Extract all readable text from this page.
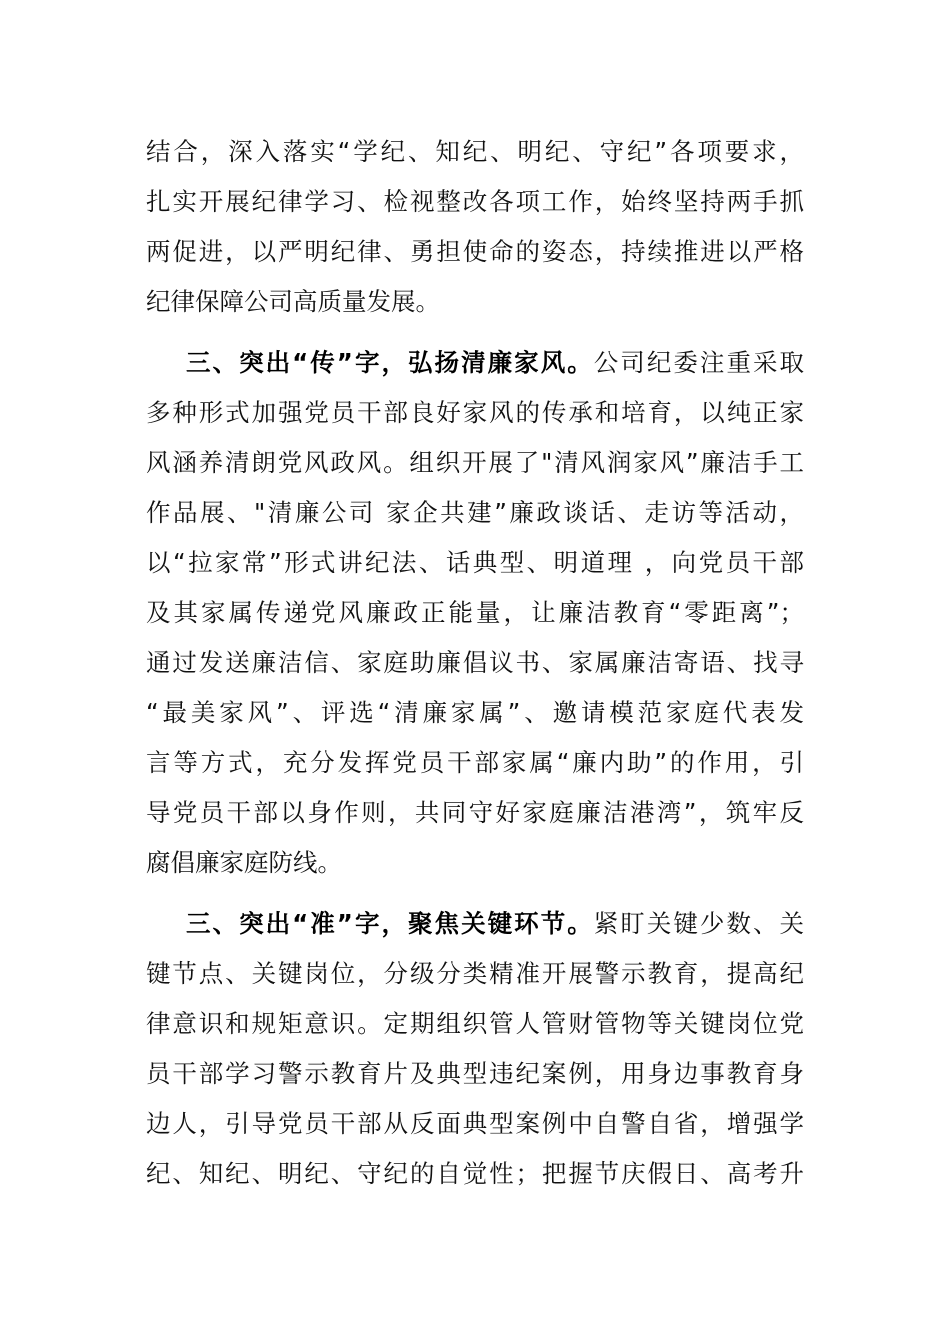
结合，深入落实“学纪、知纪、明纪、守纪”各项要求，
扎实开展纪律学习、检视整改各项工作，始终坚持两手抓
两促进，以严明纪律、勇担使命的姿态，持续推进以严格
纪律保障公司高质量发展。
三、突出“传”字，弘扬清廉家风。公司纪委注重采取
多种形式加强党员干部良好家风的传承和培育，以纯正家
风涵养清朗党风政风。组织开展了"清风润家风”廉洁手工
作品展、"清廉公司 家企共建”廉政谈话、走访等活动，
以“拉家常”形式讲纪法、话典型、明道理 ，向党员干部
及其家属传递党风廉政正能量，让廉洁教育“零距离”；
通过发送廉洁信、家庭助廉倡议书、家属廉洁寄语、找寻
“最美家风”、评选“清廉家属”、邀请模范家庭代表发
言等方式，充分发挥党员干部家属“廉内助”的作用，引
导党员干部以身作则，共同守好家庭廉洁港湾”，筑牢反
腐倡廉家庭防线。
三、突出“准”字，聚焦关键环节。紧盯关键少数、关
键节点、关键岗位，分级分类精准开展警示教育，提高纪
律意识和规矩意识。定期组织管人管财管物等关键岗位党
员干部学习警示教育片及典型违纪案例，用身边事教育身
边人，引导党员干部从反面典型案例中自警自省，增强学
纪、知纪、明纪、守纪的自觉性；把握节庆假日、高考升
